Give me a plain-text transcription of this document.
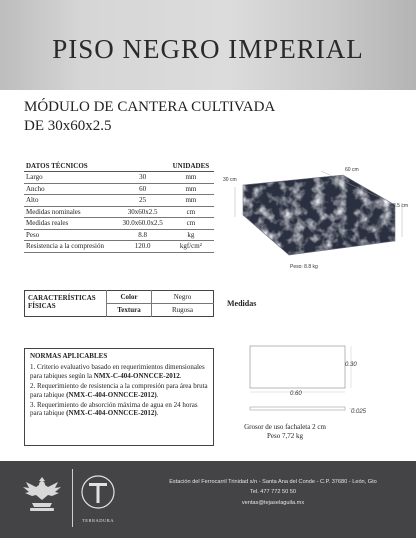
PISO NEGRO IMPERIAL
MÓDULO DE CANTERA CULTIVADA
DE 30x60x2.5
DATOS TÉCNICOS		UNIDADES
Largo	30	mm
Ancho	60	mm
Alto	25	mm
Medidas nominales	30x60x2.5	cm
Medidas reales	30.0x60.0x2.5	cm
Peso	8.8	kg
Resistencia a la compresión	120.0	kgf/cm²
60 cm
30 cm
2.5 cm
Peso: 8.8 kg
CARACTERÍSTICAS FÍSICAS	Color	Negro
	Textura	Rugosa
Medidas
NORMAS APLICABLES

1. Criterio evaluativo basado en requerimientos dimensionales para tabiques según la NMX-C-404-ONNCCE-2012.

2. Requerimiento de resistencia a la compresión para área bruta para tabique (NMX-C-404-ONNCCE-2012).

3. Requerimiento de absorción máxima de agua en 24 horas para tabique (NMX-C-404-ONNCCE-2012).

0.30
0.60
0.025
Grosor de uso fachaleta 2 cm
Peso 7,72 kg
TERRADURA
Estación del Ferrocarril Trinidad s/n - Santa Ana del Conde - C.P. 37680 - León, Gto
Tel. 477 772 50 50
ventas@tejaselaguila.mx
